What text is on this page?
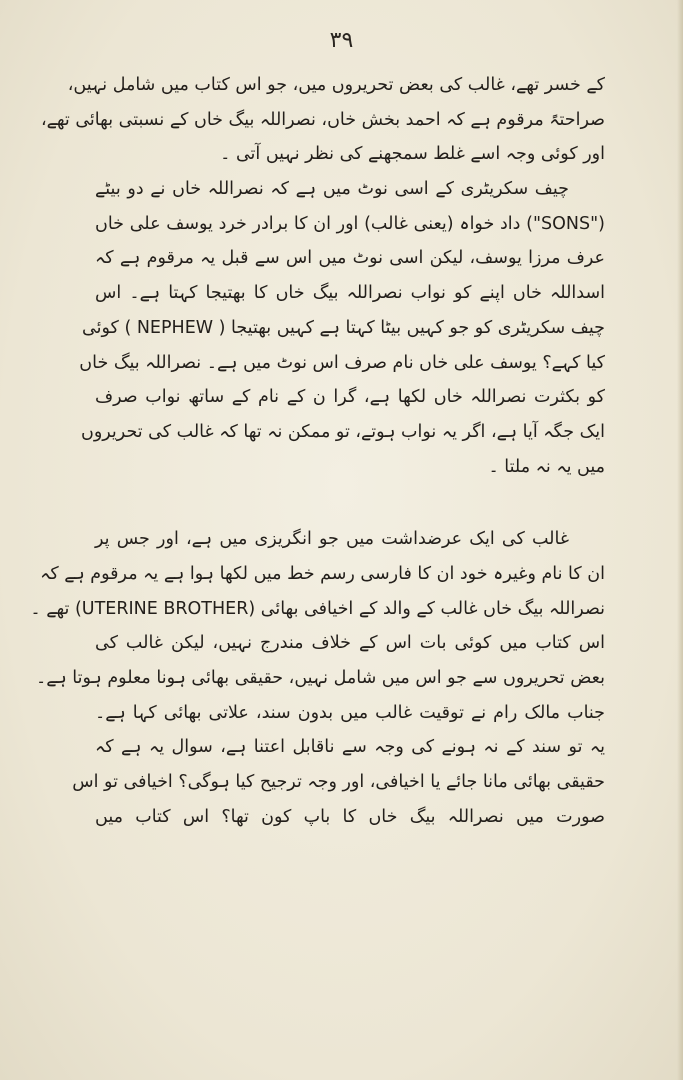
۳۹
کے خسر تھے، غالب کی بعض تحریروں میں، جو اس کتاب میں شامل نہیں،
صراحتہً مرقوم ہے کہ احمد بخش خاں، نصراللہ بیگ خاں کے نسبتی بھائی تھے،
اور کوئی وجہ اسے غلط سمجھنے کی نظر نہیں آتی ۔
چیف سکریٹری کے اسی نوٹ میں ہے کہ نصراللہ خاں نے دو بیٹے
("SONS") داد خواہ (یعنی غالب) اور ان کا برادر خرد یوسف علی خاں
عرف مرزا یوسف، لیکن اسی نوٹ میں اس سے قبل یہ مرقوم ہے کہ
اسداللہ خاں اپنے کو نواب نصراللہ بیگ خاں کا بھتیجا کہتا ہے۔ اس
چیف سکریٹری کو جو کہیں بیٹا کہتا ہے کہیں بھتیجا ( NEPHEW ) کوئی
کیا کہے؟ یوسف علی خاں نام صرف اس نوٹ میں ہے۔ نصراللہ بیگ خاں
کو بکثرت نصراللہ خاں لکھا ہے، گرا ن کے نام کے ساتھ نواب صرف
ایک جگہ آیا ہے، اگر یہ نواب ہوتے، تو ممکن نہ تھا کہ غالب کی تحریروں
میں یہ نہ ملتا ۔
غالب کی ایک عرضداشت میں جو انگریزی میں ہے، اور جس پر
ان کا نام وغیرہ خود ان کا فارسی رسم خط میں لکھا ہوا ہے یہ مرقوم ہے کہ
نصراللہ بیگ خاں غالب کے والد کے اخیافی بھائی (UTERINE BROTHER) تھے ۔
اس کتاب میں کوئی بات اس کے خلاف مندرج نہیں، لیکن غالب کی
بعض تحریروں سے جو اس میں شامل نہیں، حقیقی بھائی ہونا معلوم ہوتا ہے۔
جناب مالک رام نے توقیت غالب میں بدون سند، علاتی بھائی کہا ہے۔
یہ تو سند کے نہ ہونے کی وجہ سے ناقابل اعتنا ہے، سوال یہ ہے کہ
حقیقی بھائی مانا جائے یا اخیافی، اور وجہ ترجیح کیا ہوگی؟ اخیافی تو اس
صورت میں نصراللہ بیگ خاں کا باپ کون تھا؟ اس کتاب میں
